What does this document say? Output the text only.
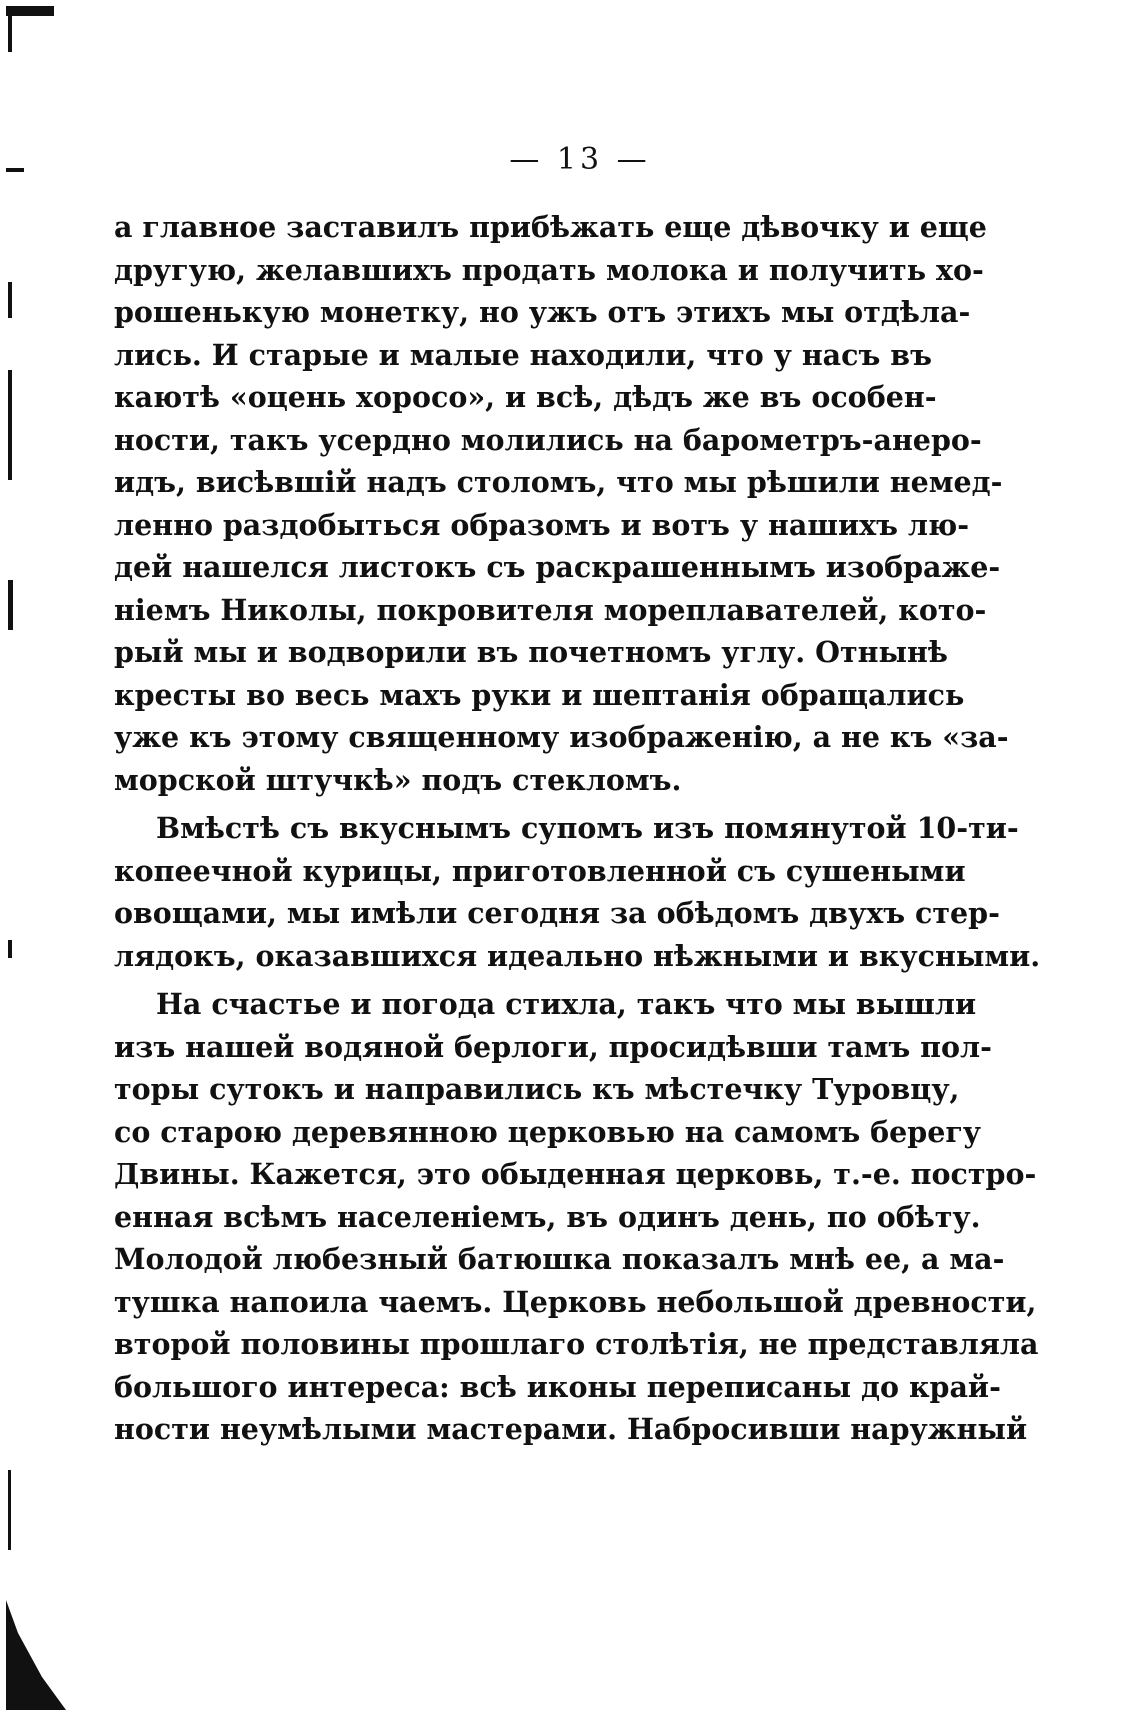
— 13 —
а главное заставилъ прибѣжать еще дѣвочку и еще
другую, желавшихъ продать молока и получить хо-
рошенькую монетку, но ужъ отъ этихъ мы отдѣла-
лись. И старые и малые находили, что у насъ въ
каютѣ «оцень хоросо», и всѣ, дѣдъ же въ особен-
ности, такъ усердно молились на барометръ-анеро-
идъ, висѣвшій надъ столомъ, что мы рѣшили немед-
ленно раздобыться образомъ и вотъ у нашихъ лю-
дей нашелся листокъ съ раскрашеннымъ изображе-
ніемъ Николы, покровителя мореплавателей, кото-
рый мы и водворили въ почетномъ углу. Отнынѣ
кресты во весь махъ руки и шептанія обращались
уже къ этому священному изображенію, а не къ «за-
морской штучкѣ» подъ стекломъ.
Вмѣстѣ съ вкуснымъ супомъ изъ помянутой 10-ти-
копеечной курицы, приготовленной съ сушеными
овощами, мы имѣли сегодня за обѣдомъ двухъ стер-
лядокъ, оказавшихся идеально нѣжными и вкусными.
На счастье и погода стихла, такъ что мы вышли
изъ нашей водяной берлоги, просидѣвши тамъ пол-
торы сутокъ и направились къ мѣстечку Туровцу,
со старою деревянною церковью на самомъ берегу
Двины. Кажется, это обыденная церковь, т.-е. постро-
енная всѣмъ населеніемъ, въ одинъ день, по обѣту.
Молодой любезный батюшка показалъ мнѣ ее, а ма-
тушка напоила чаемъ. Церковь небольшой древности,
второй половины прошлаго столѣтія, не представляла
большого интереса: всѣ иконы переписаны до край-
ности неумѣлыми мастерами. Набросивши наружный
